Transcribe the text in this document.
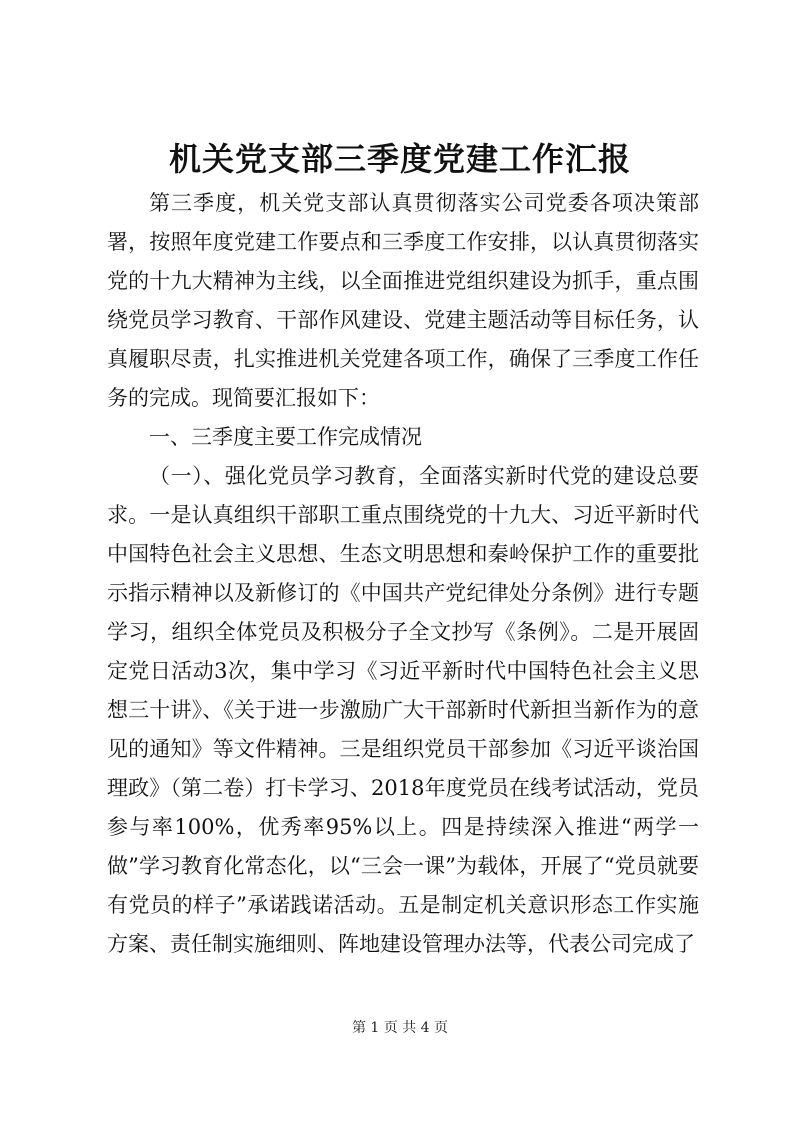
机关党支部三季度党建工作汇报

第三季度，机关党支部认真贯彻落实公司党委各项决策部署，按照年度党建工作要点和三季度工作安排，以认真贯彻落实党的十九大精神为主线，以全面推进党组织建设为抓手，重点围绕党员学习教育、干部作风建设、党建主题活动等目标任务，认真履职尽责，扎实推进机关党建各项工作，确保了三季度工作任务的完成。现简要汇报如下：

一、三季度主要工作完成情况

（一）、强化党员学习教育，全面落实新时代党的建设总要求。一是认真组织干部职工重点围绕党的十九大、习近平新时代中国特色社会主义思想、生态文明思想和秦岭保护工作的重要批示指示精神以及新修订的《中国共产党纪律处分条例》进行专题学习，组织全体党员及积极分子全文抄写《条例》。二是开展固定党日活动3次，集中学习《习近平新时代中国特色社会主义思想三十讲》、《关于进一步激励广大干部新时代新担当新作为的意见的通知》等文件精神。三是组织党员干部参加《习近平谈治国理政》（第二卷）打卡学习、2018年度党员在线考试活动，党员参与率100%，优秀率95%以上。四是持续深入推进“两学一做”学习教育化常态化，以“三会一课”为载体，开展了“党员就要有党员的样子”承诺践诺活动。五是制定机关意识形态工作实施方案、责任制实施细则、阵地建设管理办法等，代表公司完成了

第 1 页 共 4 页
